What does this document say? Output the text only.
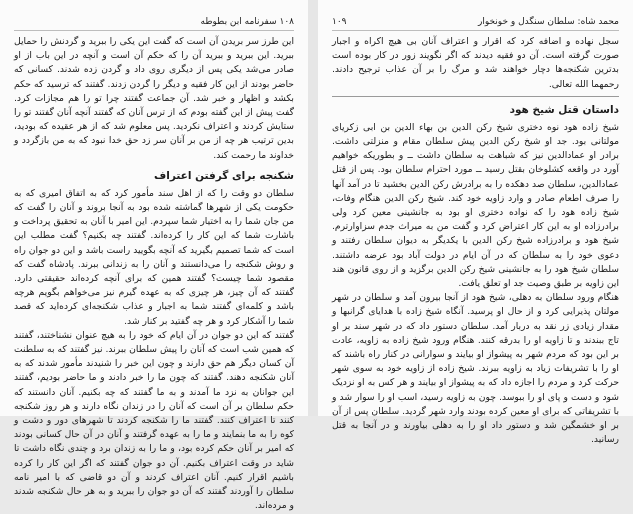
۱۰۸ سفرنامه ابن بطوطه

این طرز سر بریدن آن است که گفت این یکی را ببرید و گردنش را حمایل ببرید. این ببرید و ببرید آن را که حکم آن است و آنچه در این باب از او صادر می‌شد یکی پس از دیگری روی داد و گردن زده شدند. کسانی که حاضر بودند از این کار فقیه و دیگر را گردن زدند. گفتند که ترسید که حکم بکشد و اظهار و خبر شد. آن جماعت گفتند چرا تو را هم مجازات کرد. گفت پیش از این گفته بودم که از ترس آنان که گفتند آنچه آنان گفتند تو را ستایش کردند و اعتراف نکردید. پس معلوم شد که از هر عقیده که بودید، بدین ترتیب هر چه از من بر آنان سر زد حق خدا نبود که به من بازگردد و خداوند ما رحمت کند.

شکنجه برای گرفتن اعتراف

سلطان دو وقت را که از اهل سند مأمور کرد که به اتفاق امیری که به حکومت یکی از شهرها گماشته شده بود به آنجا بروند و آنان را گفت که من جان شما را به اختیار شما سپردم. این امیر با آنان به تحقیق پرداخت و باشارت شما که این کار را کرده‌اند. گفتند چه بکنیم؟ گفت مطلب این است که شما تصمیم بگیرید که آنچه بگویید راست باشد و این دو جوان راه و روش شکنجه را می‌دانستند و آنان را به زندانی ببرند. پادشاه گفت که مقصود شما چیست؟ گفتند همین که برای آنچه کرده‌اند حقیقتی دارد. گفتند که آن چیز، هر چیزی که به عهده گیرم نیز می‌خواهم بگویم هرچه باشد و کلمه‌ای گفتند شما به اجبار و عذاب شکنجه‌ای کرده‌اید که قصد شما را آشکار کرد و هر چه گفتید بر کنار شد.

گفتند که این دو جوان در آن ایام که خود را به هیچ عنوان نشناختند، گفتند که همین شب است که آنان را پیش سلطان ببرند. نیز گفتند که به سلطنت آن کسان دیگر هم حق دارند و چون این خبر را شنیدند مأمور شدند که به آنان شکنجه دهند. گفتند که چون ما را خبر دادند و ما حاضر بودیم، گفتند این جوانان به نزد ما آمدند و به ما گفتند که چه بکنیم. آنان دانستند که حکم سلطان بر آن است که آنان را در زندان نگاه دارند و هر روز شکنجه کنند تا اعتراف کنند. گفتند ما را شکنجه کردند تا شهرهای دور و دشت و کوه را به ما بنمایند و ما را به عهده گرفتند و آنان در آن حال کسانی بودند که امیر بر آنان حکم کرده بود، و ما را به زندان برد و چندی نگاه داشت تا شاید در وقت اعتراف بکنیم. آن دو جوان گفتند که اگر این کار را کرده باشیم اقرار کنیم. آنان اعتراف کردند و آن دو قاضی که با امیر نامه سلطان را آوردند گفتند که آن دو جوان را ببرید و به هر حال شکنجه شدند و مرده‌اند.

محمد شاه: سلطان سنگدل و خونخوار
۱۰۹

سجل نهاده و اضافه کرد که اقرار و اعتراف آنان بی هیچ اکراه و اجبار صورت گرفته است. آن دو فقیه دیدند که اگر نگویند زور در کار بوده است بدترین شکنجه‌ها دچار خواهند شد و مرگ را بر آن عذاب ترجیح دادند. رحمهما الله تعالی.

داستان قتل شیخ هود

شیخ زاده هود نوه دختری شیخ رکن الدین بن بهاء الدین بن ابی زکریای مولتانی بود. جد او شیخ رکن الدین پیش سلطان مقام و منزلتی داشت. برادر او عمادالدین نیز که شباهت به سلطان داشت ــ و بطوریکه خواهیم آورد در واقعه کشلوخان بقتل رسید ــ مورد احترام سلطان بود. پس از قتل عمادالدین، سلطان صد دهکده را به برادرش رکن الدین بخشید تا در آمد آنها را صرف اطعام صادر و وارد زاویه خود کند. شیخ رکن الدین هنگام وفات، شیخ زاده هود را که نواده دختری او بود به جانشینی معین کرد ولی برادرزاده او به این کار اعتراض کرد و گفت من به میراث جدم سزاوارترم. شیخ هود و برادرزاده شیخ رکن الدین با یکدیگر به دیوان سلطان رفتند و دعوی خود را به سلطان که در آن ایام در دولت آباد بود عرضه داشتند. سلطان شیخ هود را به جانشینی شیخ رکن الدین برگزید و از روی قانون هند این زاویه بر طبق وصیت جد او تعلق یافت.

هنگام ورود سلطان به دهلی، شیخ هود از آنجا بیرون آمد و سلطان در شهر مولتان پذیرایی کرد و از حال او پرسید. آنگاه شیخ زاده با هدایای گرانبها و مقدار زیادی زر نقد به دربار آمد. سلطان دستور داد که در شهر سند بر او تاج ببندند و تا زاویه او را بدرقه کنند. هنگام ورود شیخ زاده به زاویه، عادت بر این بود که مردم شهر به پیشواز او بیایند و سوارانی در کنار راه باشند که او را با تشریفات زیاد به زاویه ببرند. شیخ زاده از زاویه خود به سوی شهر حرکت کرد و مردم را اجازه داد که به پیشواز او بیایند و هر کس به او نزدیک شود و دست و پای او را ببوسد. چون به زاویه رسید، اسب او را سوار شد و با تشریفاتی که برای او معین کرده بودند وارد شهر گردید. سلطان پس از آن بر او خشمگین شد و دستور داد او را به دهلی بیاورند و در آنجا به قتل رسانید.
